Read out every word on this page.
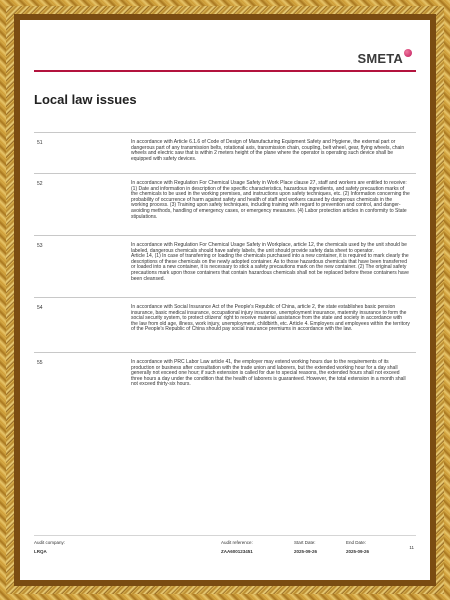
SMETA
Local law issues
51	In accordance with Article 6.1.6 of Code of Design of Manufacturing Equipment Safety and Hygiene, the external part or dangerous part of any transmission belts, rotational axis, transmission chain, coupling, belt wheel, gear, flying wheels, chain wheels and electric saw that is within 2 meters height of the plane where the operator is operating such device shall be equipped with safety devices.
52	In accordance with Regulation For Chemical Usage Safety in Work Place clause 27, staff and workers are entitled to receive: (1) Date and information in description of the specific characteristics, hazardous ingredients, and safety precaution marks of the chemicals to be used in the working premises, and instructions upon safety techniques, etc. (2) Information concerning the probability of occurrence of harm against safety and health of staff and workers caused by dangerous chemicals in the working process. (3) Training upon safety techniques, including training with regard to prevention and control, and danger-avoiding methods, handling of emergency cases, or emergency measures. (4) Labor protection articles in conformity to State stipulations.
53	In accordance with Regulation For Chemical Usage Safety in Workplace, article 12, the chemicals used by the unit should be labeled, dangerous chemicals should have safety labels, the unit should provide safety data sheet to operator.
Article 14, (1) In case of transferring or loading the chemicals purchased into a new container, it is required to mark clearly the descriptions of these chemicals on the newly adopted container. As to those hazardous chemicals that have been transferred or loaded into a new container, it is necessary to stick a safety precautions mark on the new container. (2) The original safety precautions mark upon those containers that contain hazardous chemicals shall not be replaced before these containers have been cleansed.
54	In accordance with Social Insurance Act of the People's Republic of China, article 2, the state establishes basic pension insurance, basic medical insurance, occupational injury insurance, unemployment insurance, maternity insurance to form the social security system, to protect citizens' right to receive material assistance from the state and society in accordance with the law from old age, illness, work injury, unemployment, childbirth, etc. Article 4. Employers and employees within the territory of the People's Republic of China should pay social insurance premiums in accordance with the law.
55	In accordance with PRC Labor Law article 41, the employer may extend working hours due to the requirements of its production or business after consultation with the trade union and laborers, but the extended working hour for a day shall generally not exceed one hour; if such extension is called for due to special reasons, the extended hours shall not exceed three hours a day under the condition that the health of laborers is guaranteed. However, the total extension in a month shall not exceed thirty-six hours.
Audit company:
LRQA
Audit reference:
ZAA600123451
Start Date:
2025-09-26
End Date:
2025-09-26
11
